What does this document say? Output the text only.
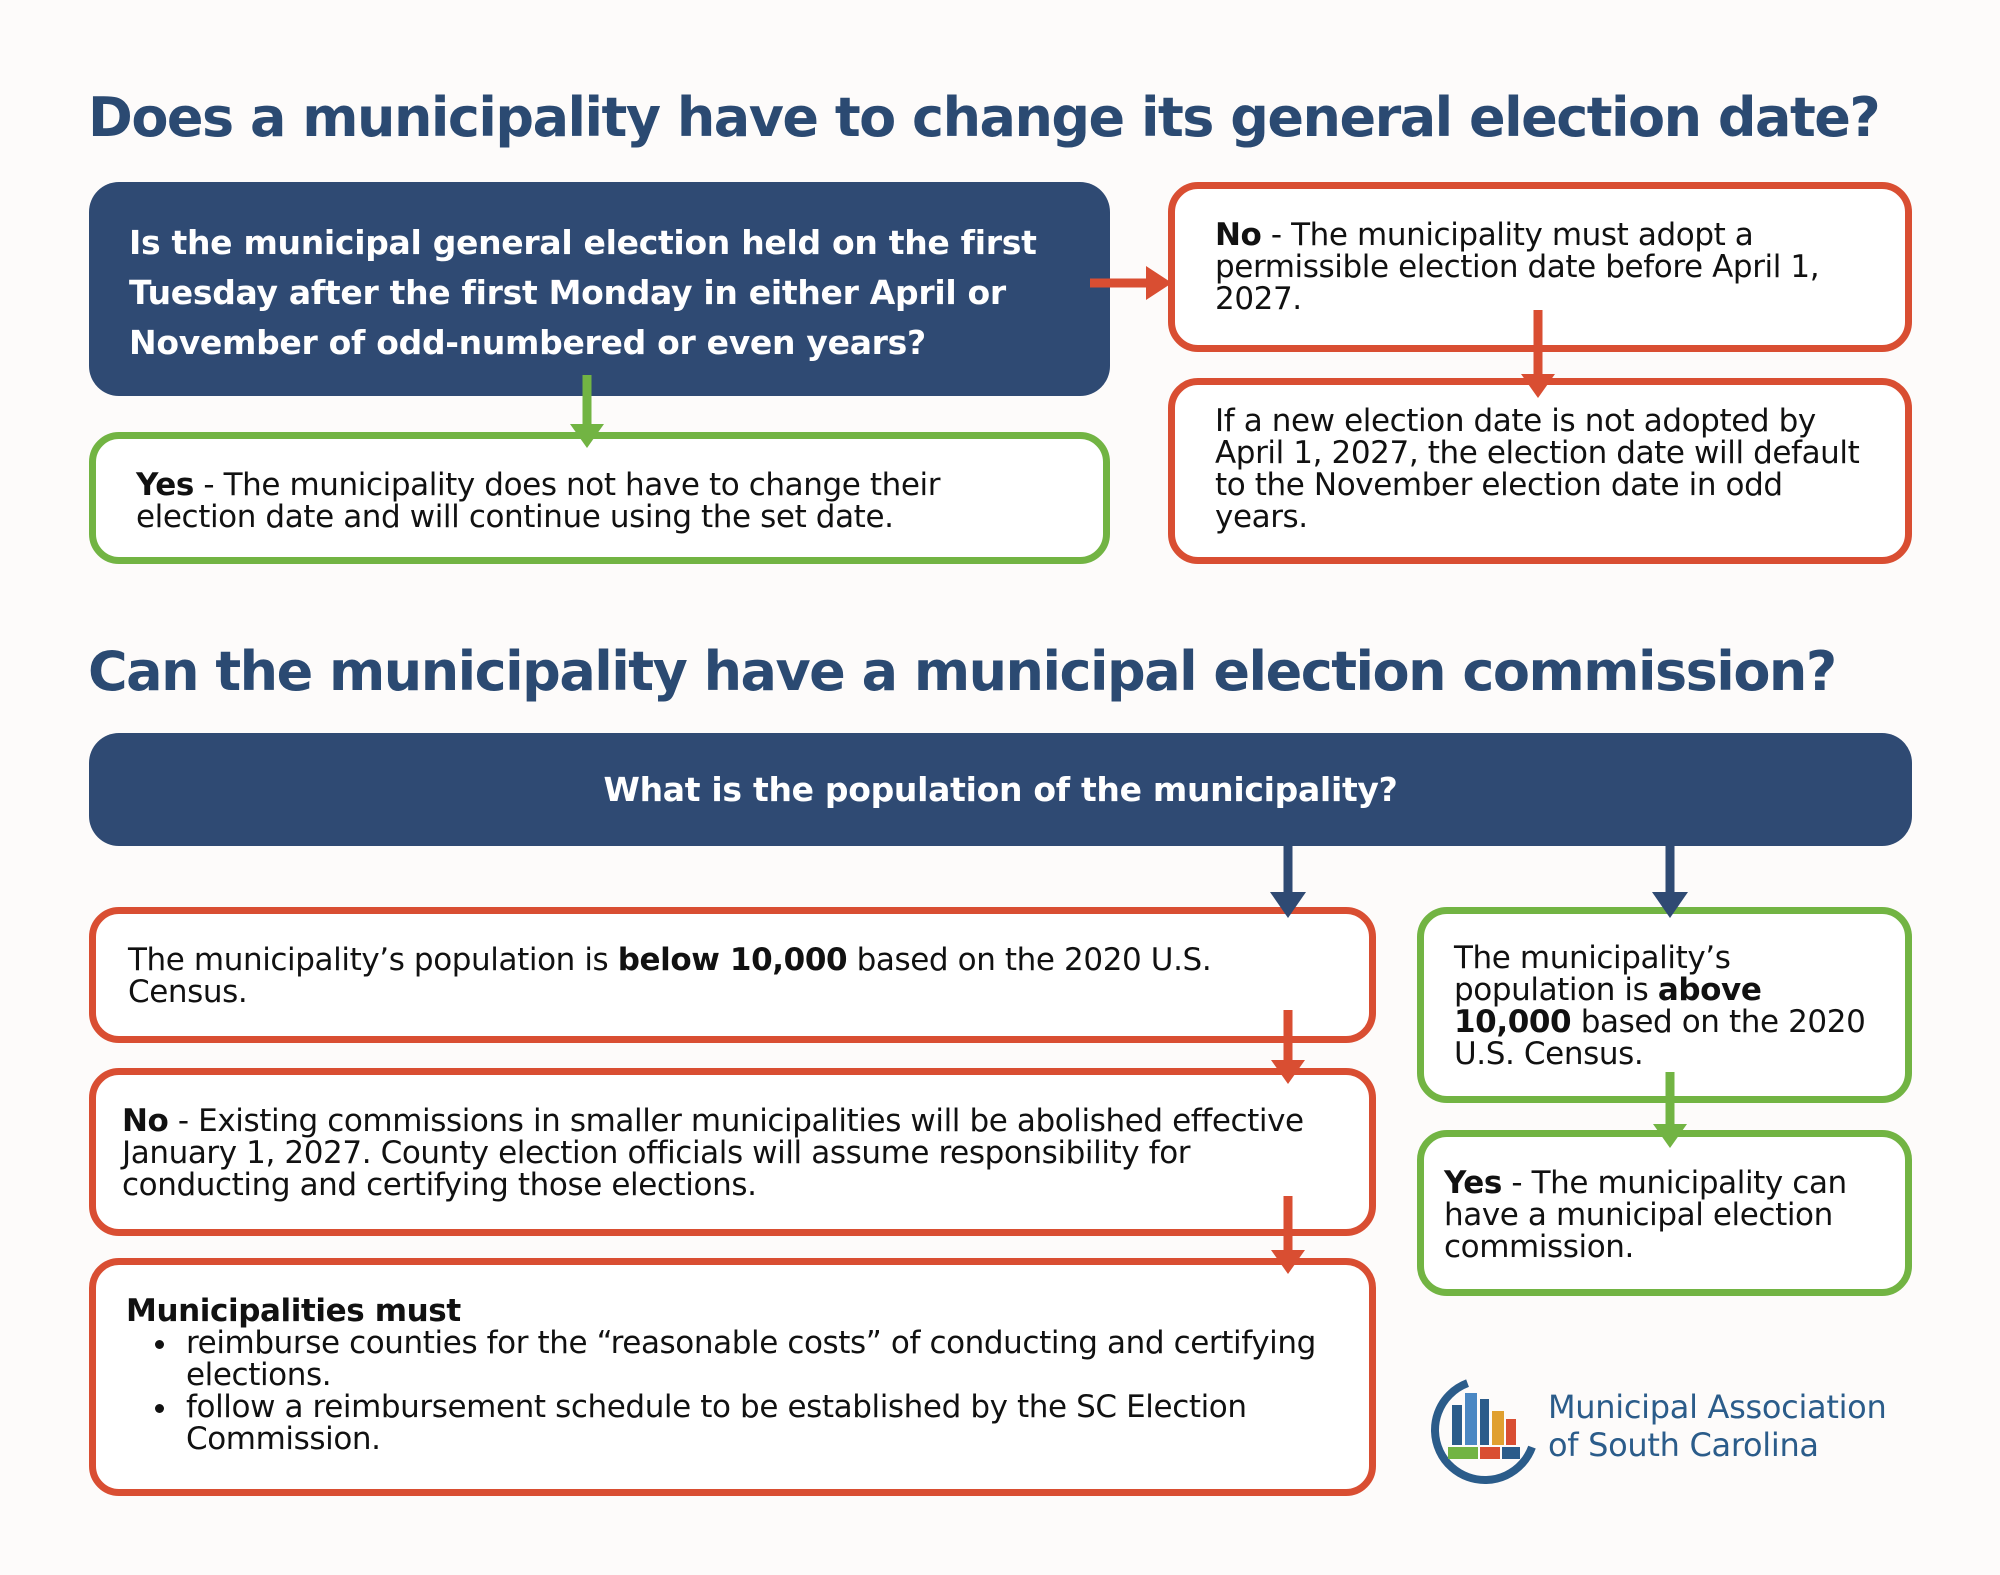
Does a municipality have to change its general election date?
Is the municipal general election held on the first Tuesday after the first Monday in either April or November of odd-numbered or even years?
Yes - The municipality does not have to change their election date and will continue using the set date.
No - The municipality must adopt a permissible election date before April 1, 2027.
If a new election date is not adopted by April 1, 2027, the election date will default to the November election date in odd years.
Can the municipality have a municipal election commission?
What is the population of the municipality?
The municipality’s population is below 10,000 based on the 2020 U.S. Census.
No - Existing commissions in smaller municipalities will be abolished effective January 1, 2027. County election officials will assume responsibility for conducting and certifying those elections.
Municipalities must
• reimburse counties for the “reasonable costs” of conducting and certifying elections.
• follow a reimbursement schedule to be established by the SC Election Commission.
The municipality’s population is above 10,000 based on the 2020 U.S. Census.
Yes - The municipality can have a municipal election commission.
Municipal Association
of South Carolina
